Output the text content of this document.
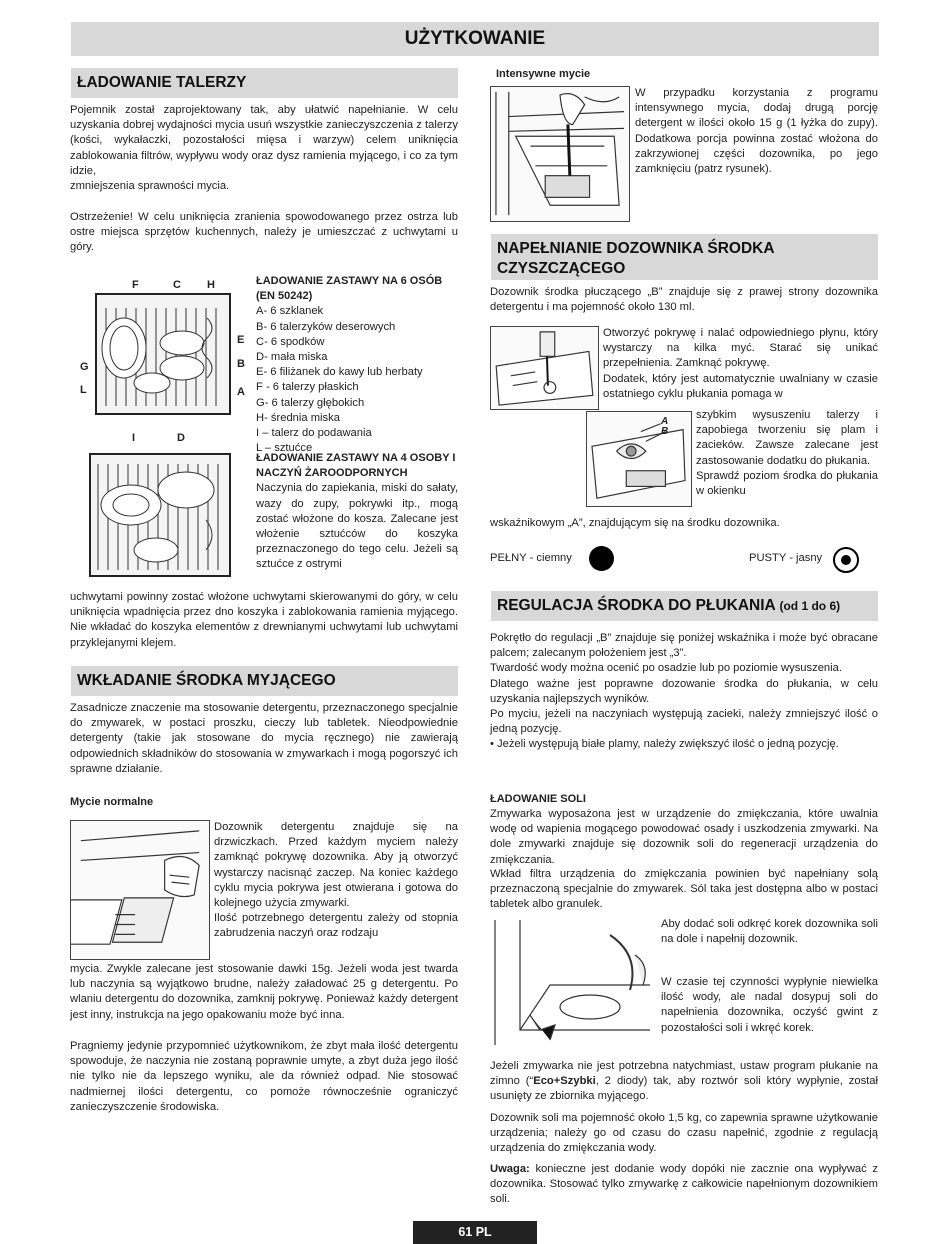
UŻYTKOWANIE
ŁADOWANIE TALERZY
Pojemnik został zaprojektowany tak, aby ułatwić napełnianie. W celu uzyskania dobrej wydajności mycia usuń wszystkie zanieczyszczenia z talerzy (kości, wykałaczki, pozostałości mięsa i warzyw) celem uniknięcia zablokowania filtrów, wypływu wody oraz dysz ramienia myjącego, i co za tym idzie,
zmniejszenia sprawności mycia.
Ostrzeżenie! W celu uniknięcia zranienia spowodowanego przez ostrza lub ostre miejsca sprzętów kuchennych, należy je umieszczać z uchwytami u góry.
F	C H
E
G	B
L	A
I	D
ŁADOWANIE ZASTAWY NA 6 OSÓB (EN 50242)
A- 6 szklanek
B- 6 talerzyków deserowych
C- 6 spodków
D- mała miska
E- 6 filiżanek do kawy lub herbaty
F - 6 talerzy płaskich
G- 6 talerzy głębokich
H- średnia miska
I – talerz do podawania
L – sztućce
ŁADOWANIE ZASTAWY NA 4 OSOBY I NACZYŃ ŻAROODPORNYCH
Naczynia do zapiekania, miski do sałaty, wazy do zupy, pokrywki itp., mogą zostać włożone do kosza. Zalecane jest włożenie sztućców do koszyka przeznaczonego do tego celu. Jeżeli są sztućce z ostrymi
uchwytami powinny zostać włożone uchwytami skierowanymi do góry, w celu uniknięcia wpadnięcia przez dno koszyka i zablokowania ramienia myjącego. Nie wkładać do koszyka elementów z drewnianymi uchwytami lub uchwytami przyklejanymi klejem.
WKŁADANIE ŚRODKA MYJĄCEGO
Zasadnicze znaczenie ma stosowanie detergentu, przeznaczonego specjalnie do zmywarek, w postaci proszku, cieczy lub tabletek. Nieodpowiednie detergenty (takie jak stosowane do mycia ręcznego) nie zawierają odpowiednich składników do stosowania w zmywarkach i mogą pogorszyć ich sprawne działanie.
Mycie normalne
Dozownik detergentu znajduje się na drzwiczkach. Przed każdym myciem należy zamknąć pokrywę dozownika. Aby ją otworzyć wystarczy nacisnąć zaczep. Na koniec każdego cyklu mycia pokrywa jest otwierana i gotowa do kolejnego użycia zmywarki.
Ilość potrzebnego detergentu zależy od stopnia zabrudzenia naczyń oraz rodzaju
mycia. Zwykle zalecane jest stosowanie dawki 15g. Jeżeli woda jest twarda lub naczynia są wyjątkowo brudne, należy załadować 25 g detergentu. Po wlaniu detergentu do dozownika, zamknij pokrywę. Ponieważ każdy detergent jest inny, instrukcja na jego opakowaniu może być inna.
Pragniemy jedynie przypomnieć użytkownikom, że zbyt mała ilość detergentu spowoduje, że naczynia nie zostaną poprawnie umyte, a zbyt duża jego ilość nie tylko nie da lepszego wyniku, ale da również odpad. Nie stosować nadmiernej ilości detergentu, co pomoże równocześnie ograniczyć zanieczyszczenie środowiska.
Intensywne mycie
W przypadku korzystania z programu intensywnego mycia, dodaj drugą porcję detergent w ilości około 15 g (1 łyżka do zupy). Dodatkowa porcja powinna zostać włożona do zakrzywionej części dozownika, po jego zamknięciu (patrz rysunek).
NAPEŁNIANIE DOZOWNIKA ŚRODKA CZYSZCZĄCEGO
Dozownik środka płuczącego „B” znajduje się z prawej strony dozownika detergentu i ma pojemność około 130 ml.
Otworzyć pokrywę i nalać odpowiedniego płynu, który wystarczy na kilka myć. Starać się unikać przepełnienia. Zamknąć pokrywę.
Dodatek, który jest automatycznie uwalniany w czasie ostatniego cyklu płukania pomaga w
A
B
szybkim wysuszeniu talerzy i zapobiega tworzeniu się plam i zacieków. Zawsze zalecane jest zastosowanie dodatku do płukania.
Sprawdź poziom środka do płukania w okienku
wskaźnikowym „A”, znajdującym się na środku dozownika.
PEŁNY - ciemny	PUSTY - jasny
REGULACJA ŚRODKA DO PŁUKANIA (od 1 do 6)
Pokrętło do regulacji „B” znajduje się poniżej wskaźnika i może być obracane palcem; zalecanym położeniem jest „3”.
Twardość wody można ocenić po osadzie lub po poziomie wysuszenia.
Dlatego ważne jest poprawne dozowanie środka do płukania, w celu uzyskania najlepszych wyników.
Po myciu, jeżeli na naczyniach występują zacieki, należy zmniejszyć ilość o jedną pozycję.
• Jeżeli występują białe plamy, należy zwiększyć ilość o jedną pozycję.
ŁADOWANIE SOLI
Zmywarka wyposażona jest w urządzenie do zmiękczania, które uwalnia wodę od wapienia mogącego powodować osady i uszkodzenia zmywarki. Na dole zmywarki znajduje się dozownik soli do regeneracji urządzenia do zmiękczania.
Wkład filtra urządzenia do zmiękczania powinien być napełniany solą przeznaczoną specjalnie do zmywarek. Sól taka jest dostępna albo w postaci tabletek albo granulek.
Aby dodać soli odkręć korek dozownika soli na dole i napełnij dozownik.
W czasie tej czynności wypłynie niewielka ilość wody, ale nadal dosypuj soli do napełnienia dozownika, oczyść gwint z pozostałości soli i wkręć korek.
Jeżeli zmywarka nie jest potrzebna natychmiast, ustaw program płukanie na zimno (“Eco+Szybki, 2 diody) tak, aby roztwór soli który wypłynie, został usunięty ze zbiornika myjącego.
Dozownik soli ma pojemność około 1,5 kg, co zapewnia sprawne użytkowanie urządzenia; należy go od czasu do czasu napełnić, zgodnie z regulacją urządzenia do zmiękczania wody.
Uwaga: konieczne jest dodanie wody dopóki nie zacznie ona wypływać z dozownika. Stosować tylko zmywarkę z całkowicie napełnionym dozownikiem soli.
61 PL
